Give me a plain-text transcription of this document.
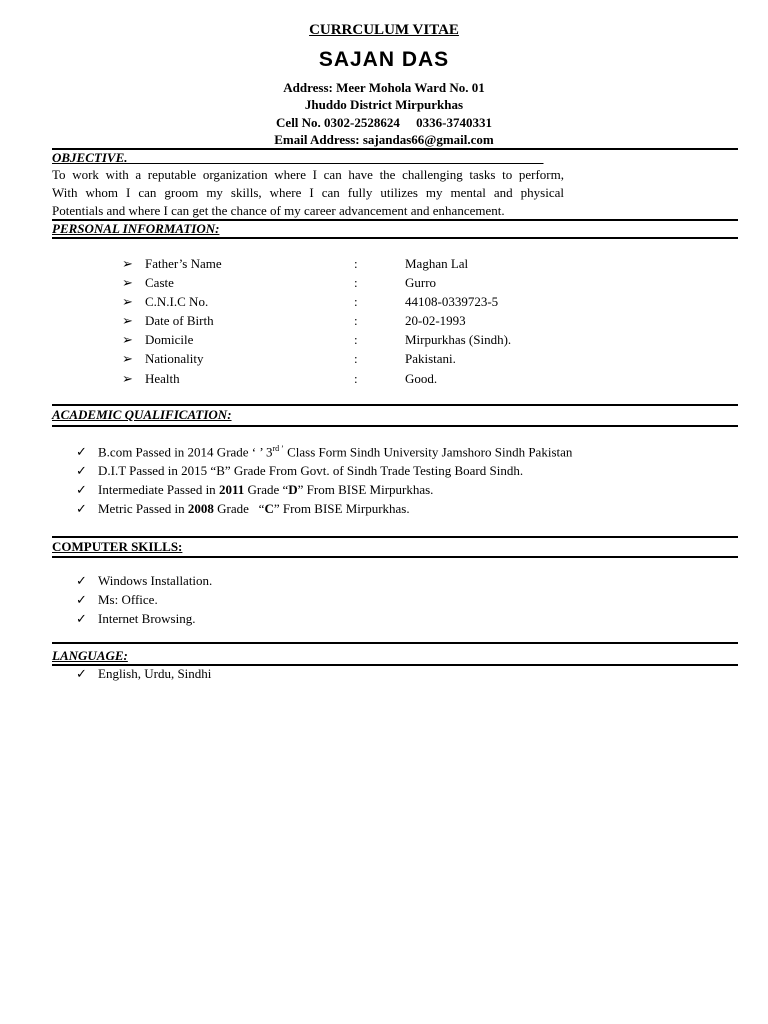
CURRCULUM VITAE
SAJAN DAS
Address: Meer Mohola Ward No. 01
Jhuddo District Mirpurkhas
Cell No. 0302-2528624     0336-3740331
Email Address: sajandas66@gmail.com
OBJECTIVE.________________________________________________________________
To work with a reputable organization where I can have the challenging tasks to perform,
With whom I can groom my skills, where I can fully utilizes my mental and physical
Potentials and where I can get the chance of my career advancement and enhancement.
PERSONAL INFORMATION:
➢ Father’s Name	:	Maghan Lal
➢ Caste	:	Gurro
➢ C.N.I.C No.	:	44108-0339723-5
➢ Date of Birth	:	20-02-1993
➢ Domicile	:	Mirpurkhas (Sindh).
➢ Nationality	:	Pakistani.
➢ Health	:	Good.
ACADEMIC QUALIFICATION:
✓ B.com Passed in 2014 Grade ‘ ’ $3^{rd ’}$ Class Form Sindh University Jamshoro Sindh Pakistan
✓ D.I.T Passed in 2015 “B” Grade From Govt. of Sindh Trade Testing Board Sindh.
✓ Intermediate Passed in 2011 Grade “D” From BISE Mirpurkhas.

✓

Metric Passed in 2008 Grade   “C” From BISE Mirpurkhas.

COMPUTER SKILLS:
✓ Windows Installation.
✓ Ms: Office.
✓ Internet Browsing.
LANGUAGE:
✓ English, Urdu, Sindhi
